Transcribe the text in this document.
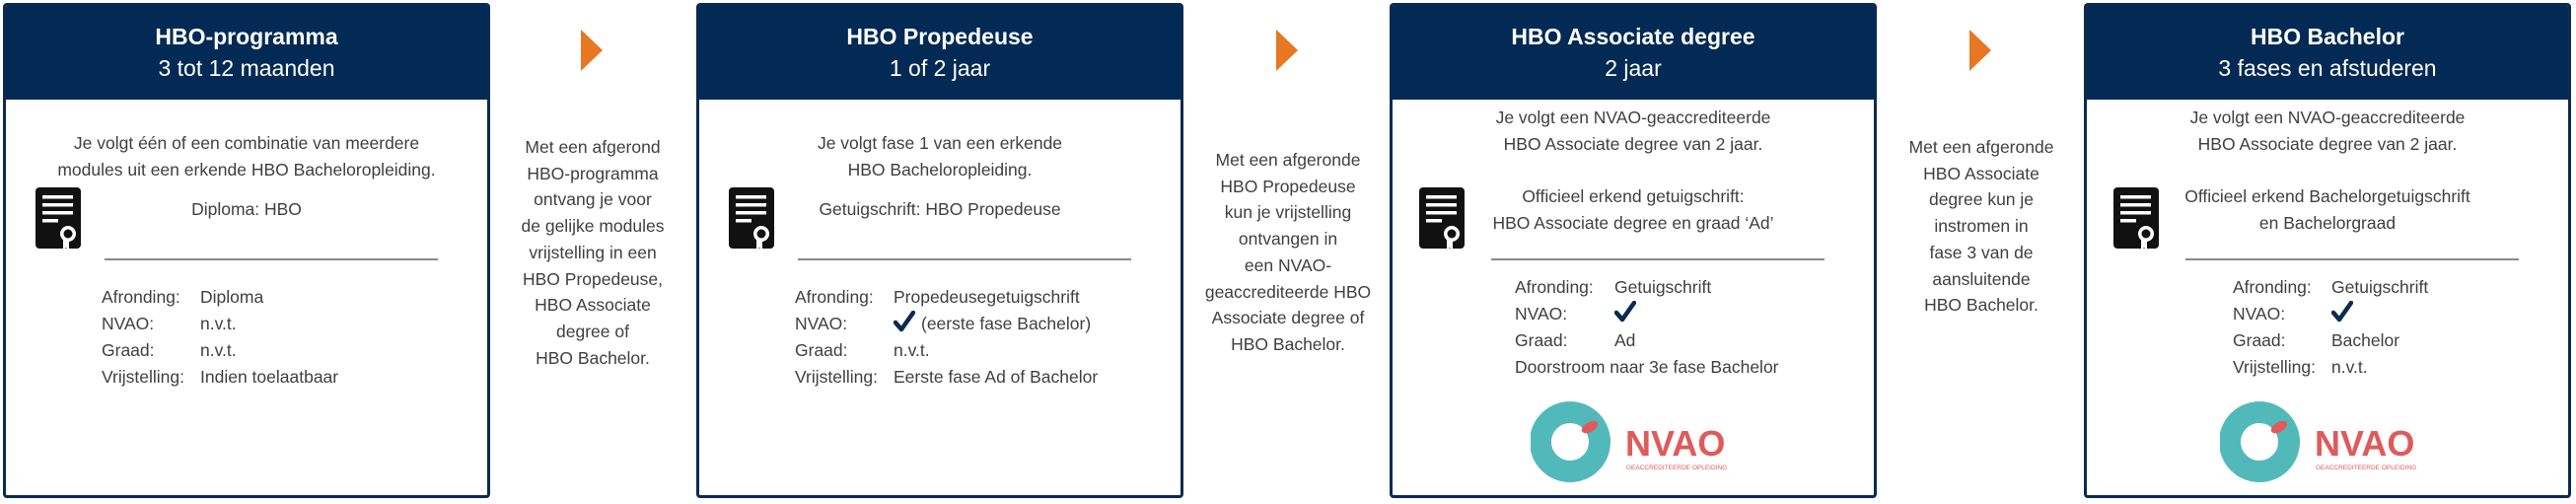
HBO-programma
3 tot 12 maanden
Je volgt één of een combinatie van meerdere
modules uit een erkende HBO Bacheloropleiding.
Diploma: HBO
Afronding:	Diploma
NVAO:	n.v.t.
Graad:	n.v.t.
Vrijstelling: Indien toelaatbaar
HBO Propedeuse
1 of 2 jaar
Je volgt fase 1 van een erkende
HBO Bacheloropleiding.
Getuigschrift: HBO Propedeuse
Afronding:	Propedeusegetuigschrift
NVAO:	(eerste fase Bachelor)
Graad:	n.v.t.
Vrijstelling: Eerste fase Ad of Bachelor
HBO Associate degree
2 jaar
Je volgt een NVAO-geaccrediteerde
HBO Associate degree van 2 jaar.
Officieel erkend getuigschrift:
HBO Associate degree en graad ‘Ad’
Afronding:	Getuigschrift
NVAO:
Graad:	Ad
Doorstroom naar 3e fase Bachelor
NVAO
GEACCREDITEERDE OPLEIDING
HBO Bachelor
3 fases en afstuderen
Je volgt een NVAO-geaccrediteerde
HBO Associate degree van 2 jaar.
Officieel erkend Bachelorgetuigschrift
en Bachelorgraad
Afronding:	Getuigschrift
NVAO:
Graad:	Bachelor
Vrijstelling: n.v.t.
NVAO
GEACCREDITEERDE OPLEIDING
Met een afgerond
HBO-programma
ontvang je voor
de gelijke modules
vrijstelling in een
HBO Propedeuse,
HBO Associate
degree of
HBO Bachelor.
Met een afgeronde
HBO Propedeuse
kun je vrijstelling
ontvangen in
een NVAO-
geaccrediteerde HBO
Associate degree of
HBO Bachelor.
Met een afgeronde
HBO Associate
degree kun je
instromen in
fase 3 van de
aansluitende
HBO Bachelor.
